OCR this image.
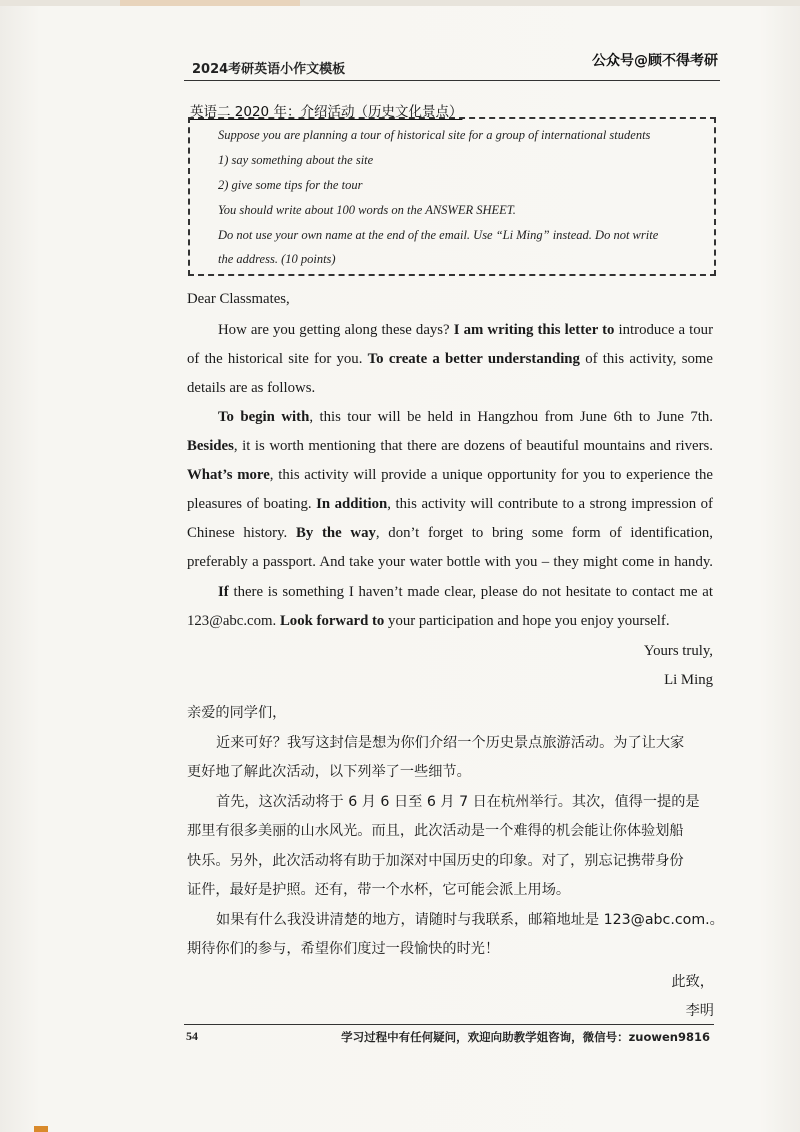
2024考研英语小作文模板
公众号@顾不得考研
英语二 2020 年：介绍活动（历史文化景点）
Suppose you are planning a tour of historical site for a group of international students
1) say something about the site
2) give some tips for the tour
You should write about 100 words on the ANSWER SHEET.
Do not use your own name at the end of the email. Use “Li Ming” instead. Do not write
the address. (10 points)
Dear Classmates,
How are you getting along these days? I am writing this letter to introduce a tour
of the historical site for you. To create a better understanding of this activity, some
details are as follows.
To begin with, this tour will be held in Hangzhou from June 6th to June 7th.
Besides, it is worth mentioning that there are dozens of beautiful mountains and rivers.
What’s more, this activity will provide a unique opportunity for you to experience the
pleasures of boating. In addition, this activity will contribute to a strong impression of
Chinese history. By the way, don’t forget to bring some form of identification,
preferably a passport. And take your water bottle with you – they might come in handy.
If there is something I haven’t made clear, please do not hesitate to contact me at
123@abc.com. Look forward to your participation and hope you enjoy yourself.
Yours truly,
Li Ming
亲爱的同学们，
近来可好？我写这封信是想为你们介绍一个历史景点旅游活动。为了让大家
更好地了解此次活动，以下列举了一些细节。
首先，这次活动将于 6 月 6 日至 6 月 7 日在杭州举行。其次，值得一提的是
那里有很多美丽的山水风光。而且，此次活动是一个难得的机会能让你体验划船
快乐。另外，此次活动将有助于加深对中国历史的印象。对了，别忘记携带身份
证件，最好是护照。还有，带一个水杯，它可能会派上用场。
如果有什么我没讲清楚的地方，请随时与我联系，邮箱地址是 123@abc.com.。
期待你们的参与，希望你们度过一段愉快的时光！
此致，
李明
54	学习过程中有任何疑问，欢迎向助教学姐咨询，微信号：zuowen9816
